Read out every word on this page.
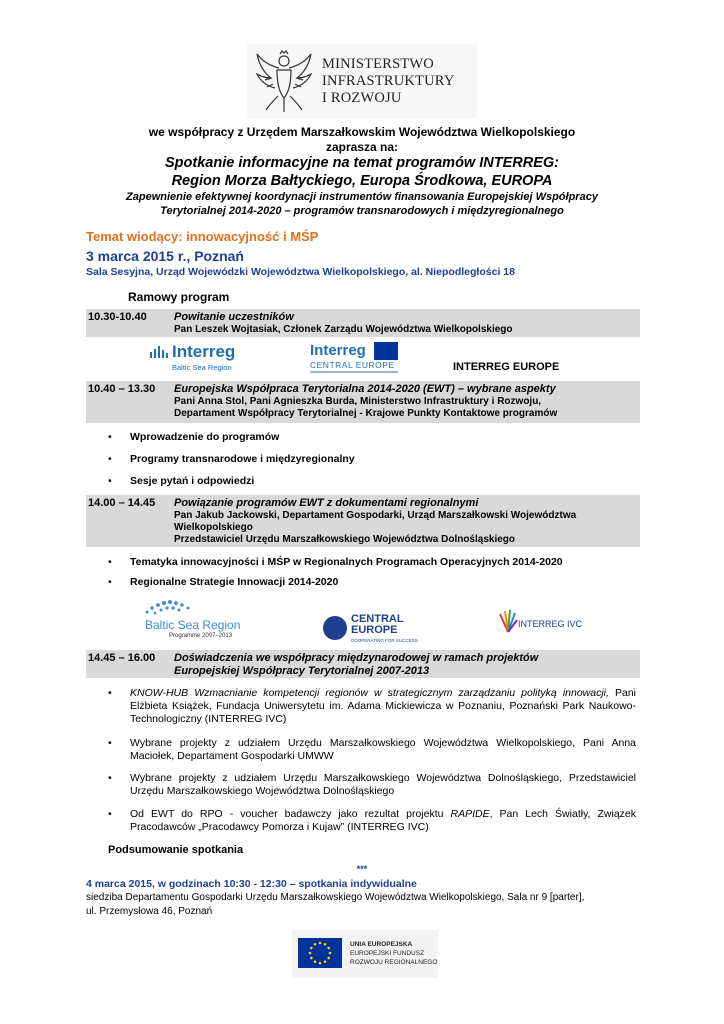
MINISTERSTWO
INFRASTRUKTURY
I ROZWOJU
we współpracy z Urzędem Marszałkowskim Województwa Wielkopolskiego
zaprasza na:
Spotkanie informacyjne na temat programów INTERREG:
Region Morza Bałtyckiego, Europa Środkowa, EUROPA
Zapewnienie efektywnej koordynacji instrumentów finansowania Europejskiej Współpracy
Terytorialnej 2014-2020 – programów transnarodowych i międzyregionalnego
Temat wiodący: innowacyjność i MŚP
3 marca 2015 r., Poznań
Sala Sesyjna, Urząd Wojewódzki Województwa Wielkopolskiego, al. Niepodległości 18
Ramowy program
10.30-10.40 Powitanie uczestników
Pan Leszek Wojtasiak, Członek Zarządu Województwa Wielkopolskiego
Interreg
Baltic Sea Region
Interreg
CENTRAL EUROPE	INTERREG EUROPE
10.40 – 13.30 Europejska Współpraca Terytorialna 2014-2020 (EWT) – wybrane aspekty
Pani Anna Stol, Pani Agnieszka Burda, Ministerstwo Infrastruktury i Rozwoju,
Departament Współpracy Terytorialnej - Krajowe Punkty Kontaktowe programów
Wprowadzenie do programów
Programy transnarodowe i międzyregionalny
Sesje pytań i odpowiedzi
14.00 – 14.45 Powiązanie programów EWT z dokumentami regionalnymi
Pan Jakub Jackowski, Departament Gospodarki, Urząd Marszałkowski Województwa
Wielkopolskiego
Przedstawiciel Urzędu Marszałkowskiego Województwa Dolnośląskiego
Tematyka innowacyjności i MŚP w Regionalnych Programach Operacyjnych 2014-2020
Regionalne Strategie Innowacji 2014-2020
Baltic Sea Region
Programme 2007–2013
CENTRAL
EUROPE
COOPERATING FOR SUCCESS.
INTERREG IVC
14.45 – 16.00 Doświadczenia we współpracy międzynarodowej w ramach projektów
Europejskiej Współpracy Terytorialnej 2007-2013
KNOW-HUB Wzmacnianie kompetencji regionów w strategicznym zarządzaniu polityką innowacji, Pani Elżbieta Książek, Fundacja Uniwersytetu im. Adama Mickiewicza w Poznaniu, Poznański Park Naukowo-Technologiczny (INTERREG IVC)
Wybrane projekty z udziałem Urzędu Marszałkowskiego Województwa Wielkopolskiego, Pani Anna Maciołek, Departament Gospodarki UMWW
Wybrane projekty z udziałem Urzędu Marszałkowskiego Województwa Dolnośląskiego, Przedstawiciel Urzędu Marszałkowskiego Województwa Dolnośląskiego
Od EWT do RPO - voucher badawczy jako rezultat projektu RAPIDE, Pan Lech Światły, Związek Pracodawców „Pracodawcy Pomorza i Kujaw” (INTERREG IVC)
Podsumowanie spotkania
***
4 marca 2015, w godzinach 10:30 - 12:30 – spotkania indywidualne
siedziba Departamentu Gospodarki Urzędu Marszałkowskiego Województwa Wielkopolskiego, Sala nr 9 [parter],
ul. Przemysłowa 46, Poznań
UNIA EUROPEJSKA
EUROPEJSKI FUNDUSZ
ROZWOJU REGIONALNEGO
